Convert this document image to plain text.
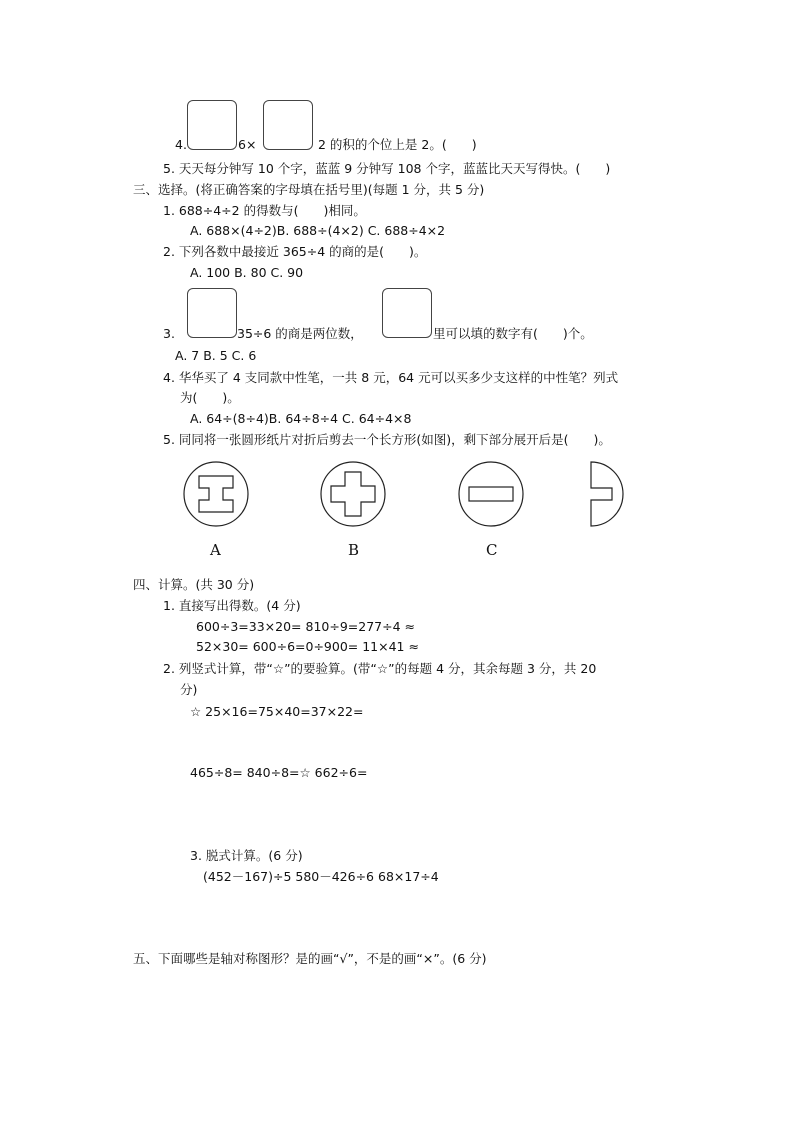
4.	6×	2 的积的个位上是 2。(　　)
5. 天天每分钟写 10 个字，蓝蓝 9 分钟写 108 个字，蓝蓝比天天写得快。(　　)
三、选择。(将正确答案的字母填在括号里)(每题 1 分，共 5 分)
1. 688÷4÷2 的得数与(　　)相同。
A. 688×(4÷2)B. 688÷(4×2) C. 688÷4×2
2. 下列各数中最接近 365÷4 的商的是(　　)。
A. 100 B. 80 C. 90
3.	35÷6 的商是两位数，	里可以填的数字有(　　)个。
A. 7 B. 5 C. 6
4. 华华买了 4 支同款中性笔，一共 8 元，64 元可以买多少支这样的中性笔？列式
为(　　)。
A. 64÷(8÷4)B. 64÷8÷4 C. 64÷4×8
5. 同同将一张圆形纸片对折后剪去一个长方形(如图)，剩下部分展开后是(　　)。
A	B	C
四、计算。(共 30 分)
1. 直接写出得数。(4 分)
600÷3=33×20= 810÷9=277÷4 ≈
52×30= 600÷6=0÷900= 11×41 ≈
2. 列竖式计算，带“☆”的要验算。(带“☆”的每题 4 分，其余每题 3 分，共 20
分)
☆ 25×16=75×40=37×22=
465÷8= 840÷8=☆ 662÷6=
3. 脱式计算。(6 分)
(452－167)÷5 580－426÷6 68×17÷4
五、下面哪些是轴对称图形？是的画“√”，不是的画“×”。(6 分)
